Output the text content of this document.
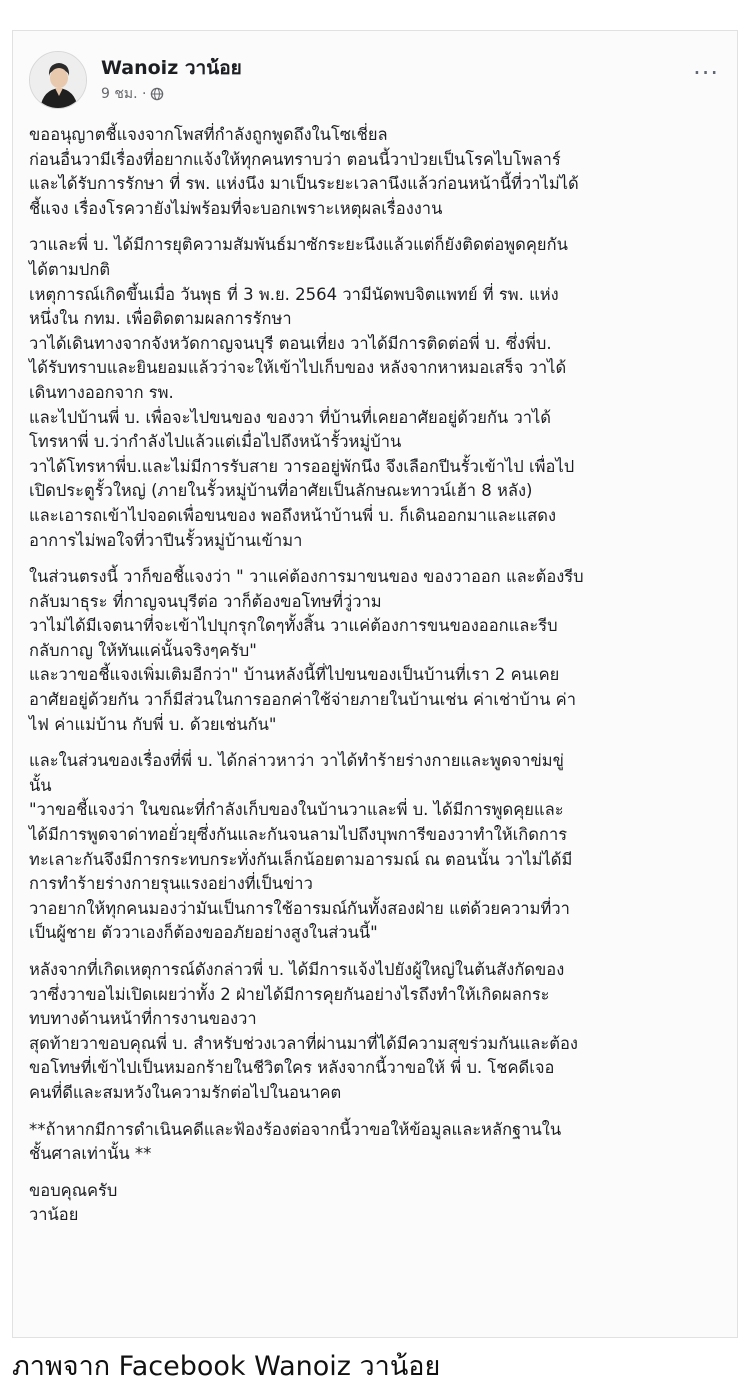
Wanoiz วาน้อย
9 ชม. ·
···

ขออนุญาตชี้แจงจากโพสที่กำลังถูกพูดถึงในโซเชี่ยล
ก่อนอื่นวามีเรื่องที่อยากแจ้งให้ทุกคนทราบว่า ตอนนี้วาป่วยเป็นโรคไบโพลาร์
และได้รับการรักษา ที่ รพ. แห่งนึง มาเป็นระยะเวลานึงแล้วก่อนหน้านี้ที่วาไม่ได้
ชี้แจง เรื่องโรควายังไม่พร้อมที่จะบอกเพราะเหตุผลเรื่องงาน

วาและพี่ บ. ได้มีการยุติความสัมพันธ์มาซักระยะนึงแล้วแต่ก็ยังติดต่อพูดคุยกัน
ได้ตามปกติ
เหตุการณ์เกิดขึ้นเมื่อ วันพุธ ที่ 3 พ.ย. 2564 วามีนัดพบจิตแพทย์ ที่ รพ. แห่ง
หนึ่งใน กทม. เพื่อติดตามผลการรักษา
วาได้เดินทางจากจังหวัดกาญจนบุรี ตอนเที่ยง วาได้มีการติดต่อพี่ บ. ซึ่งพี่บ.
ได้รับทราบและยินยอมแล้วว่าจะให้เข้าไปเก็บของ หลังจากหาหมอเสร็จ วาได้
เดินทางออกจาก รพ.
และไปบ้านพี่ บ. เพื่อจะไปขนของ ของวา ที่บ้านที่เคยอาศัยอยู่ด้วยกัน วาได้
โทรหาพี่ บ.ว่ากำลังไปแล้วแต่เมื่อไปถึงหน้ารั้วหมู่บ้าน
วาได้โทรหาพี่บ.และไม่มีการรับสาย วารออยู่พักนึง จึงเลือกปีนรั้วเข้าไป เพื่อไป
เปิดประตูรั้วใหญ่ (ภายในรั้วหมู่บ้านที่อาศัยเป็นลักษณะทาวน์เฮ้า 8 หลัง)
และเอารถเข้าไปจอดเพื่อขนของ พอถึงหน้าบ้านพี่ บ. ก็เดินออกมาและแสดง
อาการไม่พอใจที่วาปีนรั้วหมู่บ้านเข้ามา

ในส่วนตรงนี้ วาก็ขอชี้แจงว่า " วาแค่ต้องการมาขนของ ของวาออก และต้องรีบ
กลับมาธุระ ที่กาญจนบุรีต่อ วาก็ต้องขอโทษที่วู่วาม
วาไม่ได้มีเจตนาที่จะเข้าไปบุกรุกใดๆทั้งสิ้น วาแค่ต้องการขนของออกและรีบ
กลับกาญ ให้ทันแค่นั้นจริงๆครับ"
และวาขอชี้แจงเพิ่มเติมอีกว่า" บ้านหลังนี้ที่ไปขนของเป็นบ้านที่เรา 2 คนเคย
อาศัยอยู่ด้วยกัน วาก็มีส่วนในการออกค่าใช้จ่ายภายในบ้านเช่น ค่าเช่าบ้าน ค่า
ไฟ ค่าแม่บ้าน กับพี่ บ. ด้วยเช่นกัน"

และในส่วนของเรื่องที่พี่ บ. ได้กล่าวหาว่า วาได้ทำร้ายร่างกายและพูดจาข่มขู่
นั้น
"วาขอชี้แจงว่า ในขณะที่กำลังเก็บของในบ้านวาและพี่ บ. ได้มีการพูดคุยและ
ได้มีการพูดจาด่าทอยั่วยุซึ่งกันและกันจนลามไปถึงบุพการีของวาทำให้เกิดการ
ทะเลาะกันจึงมีการกระทบกระทั่งกันเล็กน้อยตามอารมณ์ ณ ตอนนั้น วาไม่ได้มี
การทำร้ายร่างกายรุนแรงอย่างที่เป็นข่าว
วาอยากให้ทุกคนมองว่ามันเป็นการใช้อารมณ์กันทั้งสองฝ่าย แต่ด้วยความที่วา
เป็นผู้ชาย ตัววาเองก็ต้องขออภัยอย่างสูงในส่วนนี้"

หลังจากที่เกิดเหตุการณ์ดังกล่าวพี่ บ. ได้มีการแจ้งไปยังผู้ใหญ่ในต้นสังกัดของ
วาซึ่งวาขอไม่เปิดเผยว่าทั้ง 2 ฝ่ายได้มีการคุยกันอย่างไรถึงทำให้เกิดผลกระ
ทบทางด้านหน้าที่การงานของวา
สุดท้ายวาขอบคุณพี่ บ. สำหรับช่วงเวลาที่ผ่านมาที่ได้มีความสุขร่วมกันและต้อง
ขอโทษที่เข้าไปเป็นหมอกร้ายในชีวิตใคร หลังจากนี้วาขอให้ พี่ บ. โชคดีเจอ
คนที่ดีและสมหวังในความรักต่อไปในอนาคต

**ถ้าหากมีการดำเนินคดีและฟ้องร้องต่อจากนี้วาขอให้ข้อมูลและหลักฐานใน
ชั้นศาลเท่านั้น **

ขอบคุณครับ
วาน้อย

ภาพจาก Facebook Wanoiz วาน้อย
